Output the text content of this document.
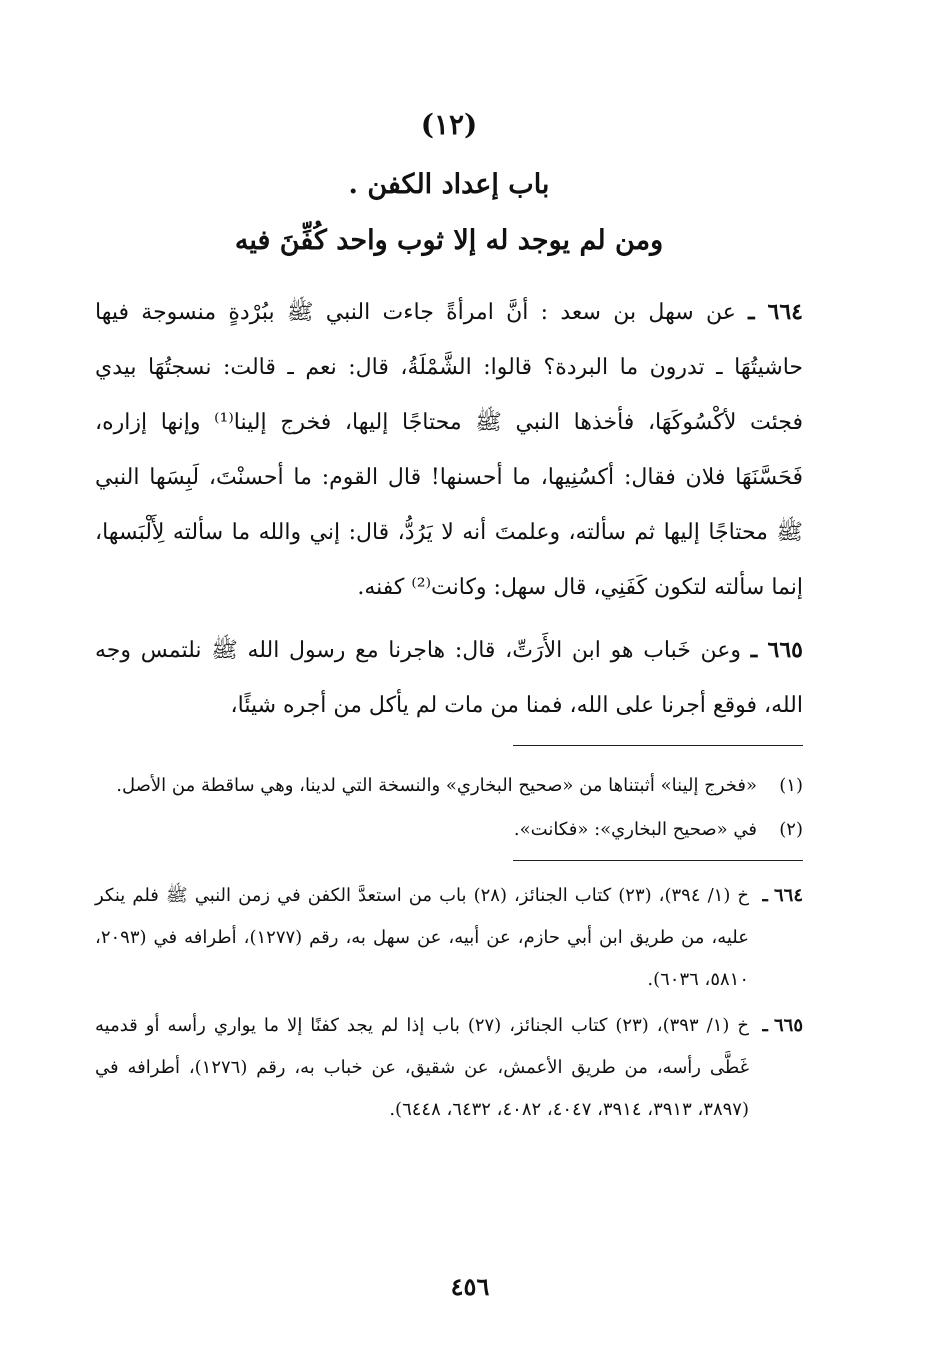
(١٢)
باب إعداد الكفن .
ومن لم يوجد له إلا ثوب واحد كُفِّنَ فيه

٦٦٤ ـ عن سهل بن سعد : أنَّ امرأةً جاءت النبي ﷺ ببُرْدةٍ منسوجة فيها حاشيتُهَا ـ تدرون ما البردة؟ قالوا: الشَّمْلَةُ، قال: نعم ـ قالت: نسجتُهَا بيدي فجئت لأكْسُوكَهَا، فأخذها النبي ﷺ محتاجًا إليها، فخرج إلينا⁽¹⁾ وإنها إزاره، فَحَسَّنَهَا فلان فقال: أكسُنِيها، ما أحسنها! قال القوم: ما أحسنْتَ، لَبِسَها النبي ﷺ محتاجًا إليها ثم سألته، وعلمتَ أنه لا يَرُدُّ، قال: إني والله ما سألته لِأَلْبَسها، إنما سألته لتكون كَفَنِي، قال سهل: وكانت⁽²⁾ كفنه.

٦٦٥ ـ وعن خَباب هو ابن الأَرَتِّ، قال: هاجرنا مع رسول الله ﷺ نلتمس وجه الله، فوقع أجرنا على الله، فمنا من مات لم يأكل من أجره شيئًا،

(١)
«فخرج إلينا» أثبتناها من «صحيح البخاري» والنسخة التي لدينا، وهي ساقطة من الأصل.

(٢)
في «صحيح البخاري»: «فكانت».

٦٦٤ ـ
خ (١/ ٣٩٤)، (٢٣) كتاب الجنائز، (٢٨) باب من استعدَّ الكفن في زمن النبي ﷺ فلم ينكر عليه، من طريق ابن أبي حازم، عن أبيه، عن سهل به، رقم (١٢٧٧)، أطرافه في (٢٠٩٣، ٥٨١٠، ٦٠٣٦).

٦٦٥ ـ
خ (١/ ٣٩٣)، (٢٣) كتاب الجنائز، (٢٧) باب إذا لم يجد كفنًا إلا ما يواري رأسه أو قدميه غَطَّى رأسه، من طريق الأعمش، عن شقيق، عن خباب به، رقم (١٢٧٦)، أطرافه في (٣٨٩٧، ٣٩١٣، ٣٩١٤، ٤٠٤٧، ٤٠٨٢، ٦٤٣٢، ٦٤٤٨).

٤٥٦
